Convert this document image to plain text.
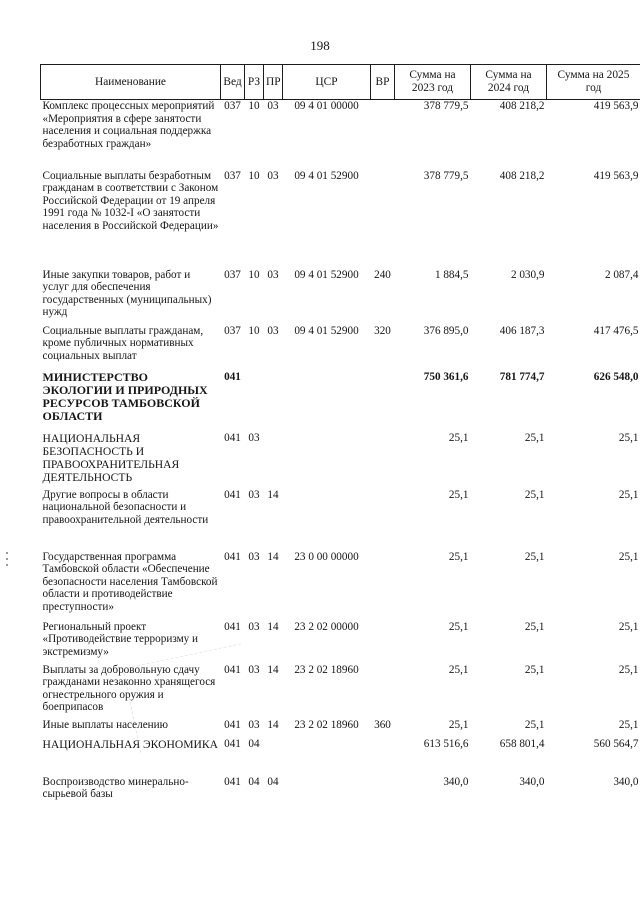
198
Наименование	Вед	РЗ	ПР	ЦСР	ВР	Сумма на 2023 год	Сумма на 2024 год	Сумма на 2025 год
Комплекс процессных мероприятий «Мероприятия в сфере занятости населения и социальная поддержка безработных граждан»	037	10	03	09 4 01 00000		378 779,5	408 218,2	419 563,9
Социальные выплаты безработным гражданам в соответствии с Законом Российской Федерации от 19 апреля 1991 года № 1032-I «О занятости населения в Российской Федерации»	037	10	03	09 4 01 52900		378 779,5	408 218,2	419 563,9
Иные закупки товаров, работ и услуг для обеспечения государственных (муниципальных) нужд	037	10	03	09 4 01 52900	240	1 884,5	2 030,9	2 087,4
Социальные выплаты гражданам, кроме публичных нормативных социальных выплат	037	10	03	09 4 01 52900	320	376 895,0	406 187,3	417 476,5
МИНИСТЕРСТВО ЭКОЛОГИИ И ПРИРОДНЫХ РЕСУРСОВ ТАМБОВСКОЙ ОБЛАСТИ	041					750 361,6	781 774,7	626 548,0
НАЦИОНАЛЬНАЯ БЕЗОПАСНОСТЬ И ПРАВООХРАНИТЕЛЬНАЯ ДЕЯТЕЛЬНОСТЬ	041	03				25,1	25,1	25,1
Другие вопросы в области национальной безопасности и правоохранительной деятельности	041	03	14			25,1	25,1	25,1
Государственная программа Тамбовской области «Обеспечение безопасности населения Тамбовской области и противодействие преступности»	041	03	14	23 0 00 00000		25,1	25,1	25,1
Региональный проект «Противодействие терроризму и экстремизму»	041	03	14	23 2 02 00000		25,1	25,1	25,1
Выплаты за добровольную сдачу гражданами незаконно хранящегося огнестрельного оружия и боеприпасов	041	03	14	23 2 02 18960		25,1	25,1	25,1
Иные выплаты населению	041	03	14	23 2 02 18960	360	25,1	25,1	25,1
НАЦИОНАЛЬНАЯ ЭКОНОМИКА	041	04				613 516,6	658 801,4	560 564,7
Воспроизводство минерально-сырьевой базы	041	04	04			340,0	340,0	340,0
